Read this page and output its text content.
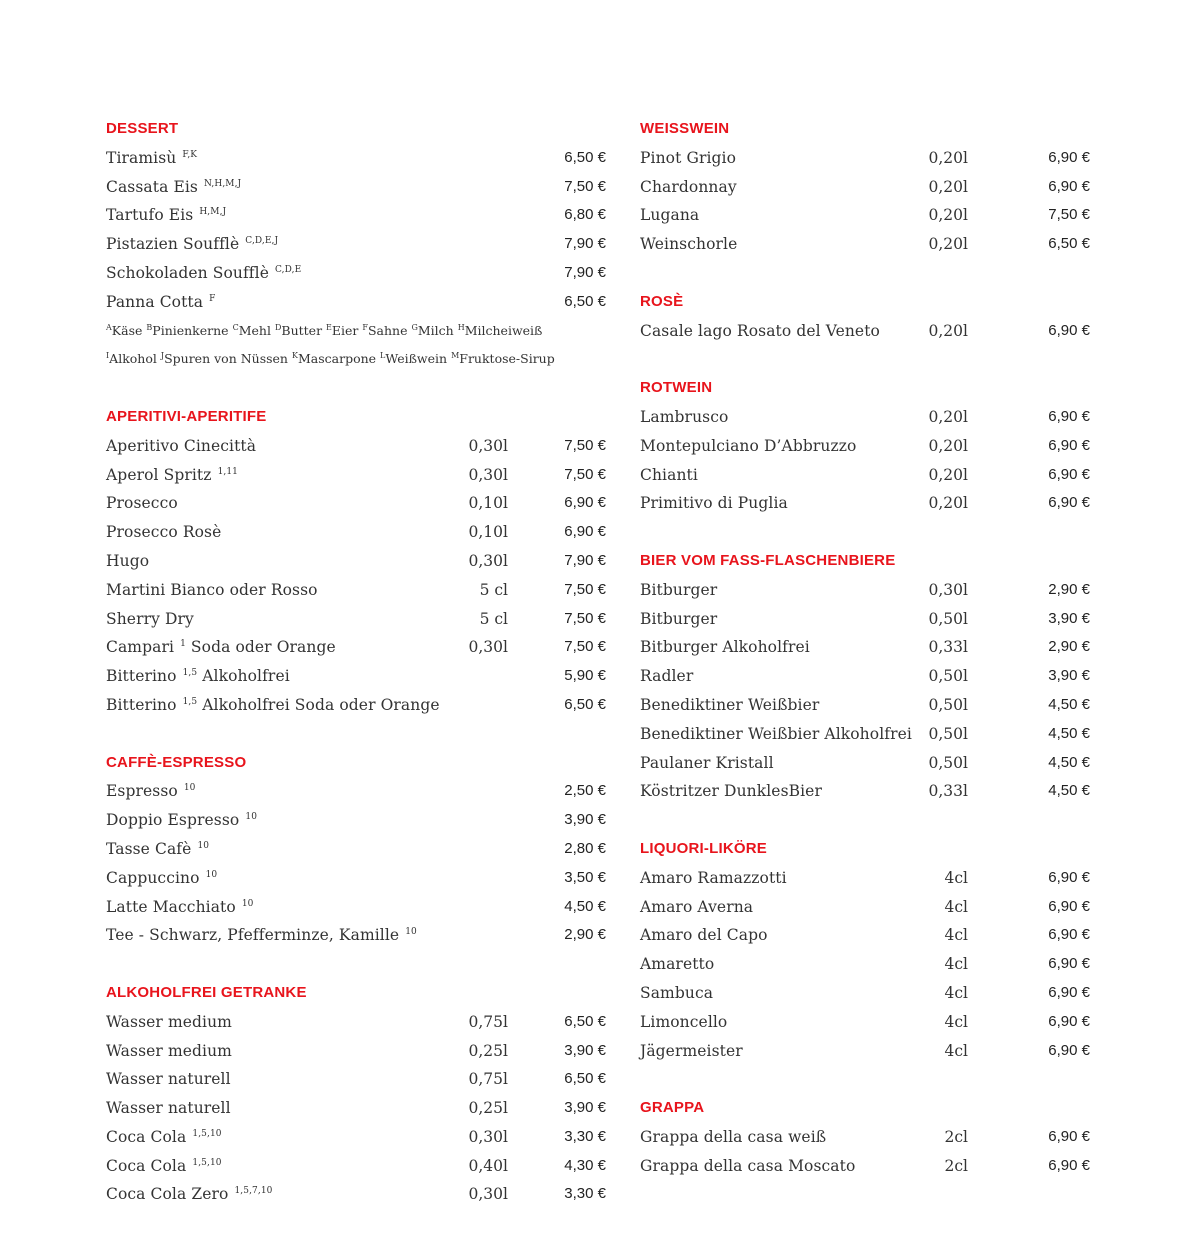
DESSERT
Tiramisù $^{F,K}$	6,50 €
Cassata Eis $^{N,H,M,J}$	7,50 €
Tartufo Eis $^{H,M,J}$	6,80 €
Pistazien Soufflè $^{C,D,E,J}$	7,90 €
Schokoladen Soufflè $^{C,D,E}$	7,90 €
Panna Cotta $^F$	6,50 €
$^A$Käse $^B$Pinienkerne $^C$Mehl $^D$Butter $^E$Eier $^F$Sahne $^G$Milch $^H$Milcheiweiß
$^I$Alkohol $^J$Spuren von Nüssen $^K$Mascarpone $^L$Weißwein $^M$Fruktose-Sirup
APERITIVI-APERITIFE
Aperitivo Cinecittà	0,30l	7,50 €
Aperol Spritz $^{1,11}$	0,30l	7,50 €
Prosecco	0,10l	6,90 €
Prosecco Rosè	0,10l	6,90 €
Hugo	0,30l	7,90 €
Martini Bianco oder Rosso	5 cl	7,50 €
Sherry Dry	5 cl	7,50 €
Campari $^1$ Soda oder Orange	0,30l	7,50 €
Bitterino $^{1,5}$ Alkoholfrei	5,90 €
Bitterino $^{1,5}$ Alkoholfrei Soda oder Orange	6,50 €
CAFFÈ-ESPRESSO
Espresso $^{10}$	2,50 €
Doppio Espresso $^{10}$	3,90 €
Tasse Cafè $^{10}$	2,80 €
Cappuccino $^{10}$	3,50 €
Latte Macchiato $^{10}$	4,50 €
Tee - Schwarz, Pfefferminze, Kamille $^{10}$	2,90 €
ALKOHOLFREI GETRANKE
Wasser medium	0,75l	6,50 €
Wasser medium	0,25l	3,90 €
Wasser naturell	0,75l	6,50 €
Wasser naturell	0,25l	3,90 €
Coca Cola $^{1,5,10}$	0,30l	3,30 €
Coca Cola $^{1,5,10}$	0,40l	4,30 €
Coca Cola Zero $^{1,5,7,10}$	0,30l	3,30 €
WEISSWEIN
Pinot Grigio	0,20l	6,90 €
Chardonnay	0,20l	6,90 €
Lugana	0,20l	7,50 €
Weinschorle	0,20l	6,50 €
ROSÈ
Casale lago Rosato del Veneto	0,20l	6,90 €
ROTWEIN
Lambrusco	0,20l	6,90 €
Montepulciano D’Abbruzzo	0,20l	6,90 €
Chianti	0,20l	6,90 €
Primitivo di Puglia	0,20l	6,90 €
BIER VOM FASS-FLASCHENBIERE
Bitburger	0,30l	2,90 €
Bitburger	0,50l	3,90 €
Bitburger Alkoholfrei	0,33l	2,90 €
Radler	0,50l	3,90 €
Benediktiner Weißbier	0,50l	4,50 €
Benediktiner Weißbier Alkoholfrei 0,50l	4,50 €
Paulaner Kristall	0,50l	4,50 €
Köstritzer DunklesBier	0,33l	4,50 €
LIQUORI-LIKÖRE
Amaro Ramazzotti	4cl	6,90 €
Amaro Averna	4cl	6,90 €
Amaro del Capo	4cl	6,90 €
Amaretto	4cl	6,90 €
Sambuca	4cl	6,90 €
Limoncello	4cl	6,90 €
Jägermeister	4cl	6,90 €
GRAPPA
Grappa della casa weiß	2cl	6,90 €
Grappa della casa Moscato	2cl	6,90 €
